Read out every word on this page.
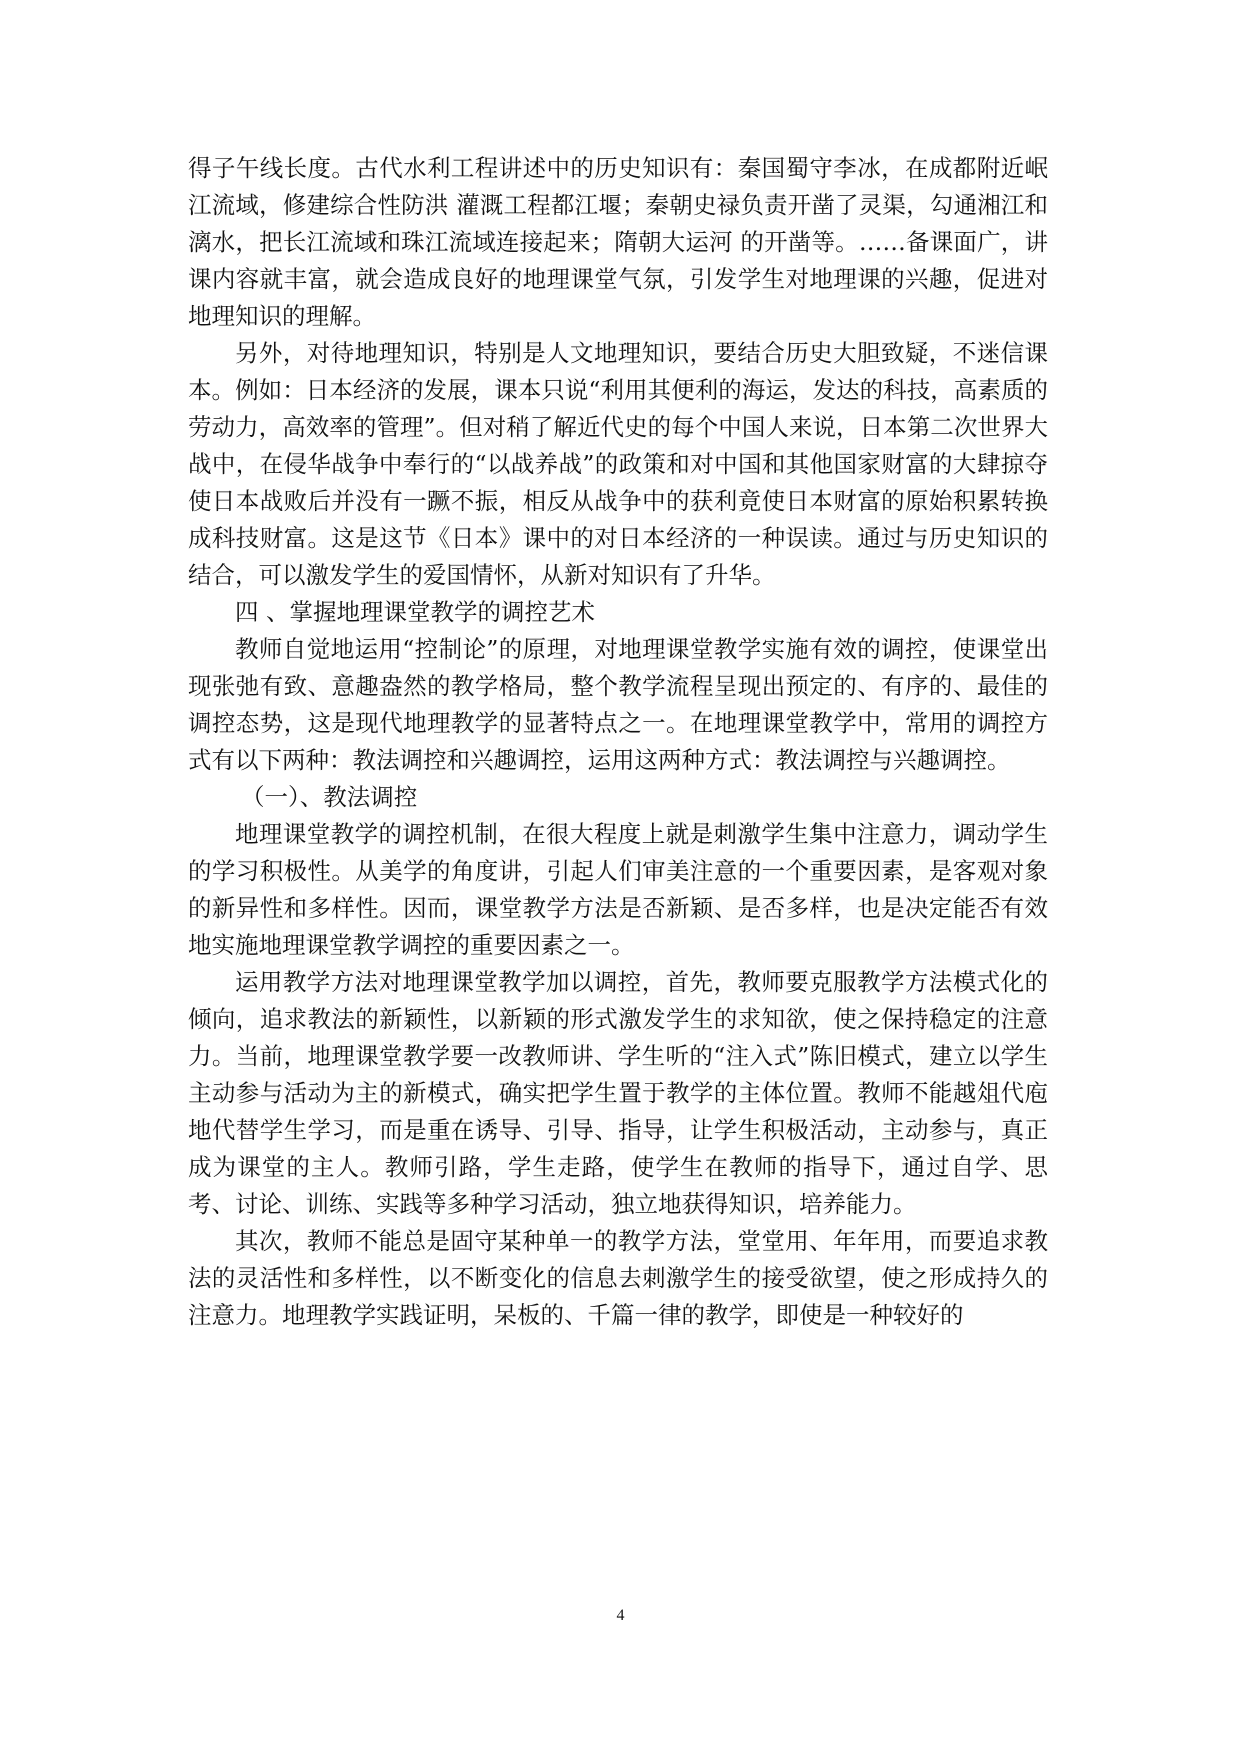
得子午线长度。古代水利工程讲述中的历史知识有：秦国蜀守李冰，在成都附近岷江流域，修建综合性防洪 灌溉工程都江堰；秦朝史禄负责开凿了灵渠，勾通湘江和漓水，把长江流域和珠江流域连接起来；隋朝大运河 的开凿等。……备课面广，讲课内容就丰富，就会造成良好的地理课堂气氛，引发学生对地理课的兴趣，促进对地理知识的理解。

另外，对待地理知识，特别是人文地理知识，要结合历史大胆致疑，不迷信课本。例如：日本经济的发展，课本只说“利用其便利的海运，发达的科技，高素质的劳动力，高效率的管理”。但对稍了解近代史的每个中国人来说，日本第二次世界大战中，在侵华战争中奉行的“以战养战”的政策和对中国和其他国家财富的大肆掠夺使日本战败后并没有一蹶不振，相反从战争中的获利竟使日本财富的原始积累转换成科技财富。这是这节《日本》课中的对日本经济的一种误读。通过与历史知识的结合，可以激发学生的爱国情怀，从新对知识有了升华。

四 、掌握地理课堂教学的调控艺术

教师自觉地运用“控制论”的原理，对地理课堂教学实施有效的调控，使课堂出现张弛有致、意趣盎然的教学格局，整个教学流程呈现出预定的、有序的、最佳的调控态势，这是现代地理教学的显著特点之一。在地理课堂教学中，常用的调控方式有以下两种：教法调控和兴趣调控，运用这两种方式：教法调控与兴趣调控。

（一）、教法调控

地理课堂教学的调控机制，在很大程度上就是刺激学生集中注意力，调动学生的学习积极性。从美学的角度讲，引起人们审美注意的一个重要因素，是客观对象的新异性和多样性。因而，课堂教学方法是否新颖、是否多样，也是决定能否有效地实施地理课堂教学调控的重要因素之一。

运用教学方法对地理课堂教学加以调控，首先，教师要克服教学方法模式化的倾向，追求教法的新颖性，以新颖的形式激发学生的求知欲，使之保持稳定的注意力。当前，地理课堂教学要一改教师讲、学生听的“注入式”陈旧模式，建立以学生主动参与活动为主的新模式，确实把学生置于教学的主体位置。教师不能越俎代庖地代替学生学习，而是重在诱导、引导、指导，让学生积极活动，主动参与，真正成为课堂的主人。教师引路，学生走路，使学生在教师的指导下，通过自学、思考、讨论、训练、实践等多种学习活动，独立地获得知识，培养能力。

其次，教师不能总是固守某种单一的教学方法，堂堂用、年年用，而要追求教法的灵活性和多样性，以不断变化的信息去刺激学生的接受欲望，使之形成持久的注意力。地理教学实践证明，呆板的、千篇一律的教学，即使是一种较好的

4
